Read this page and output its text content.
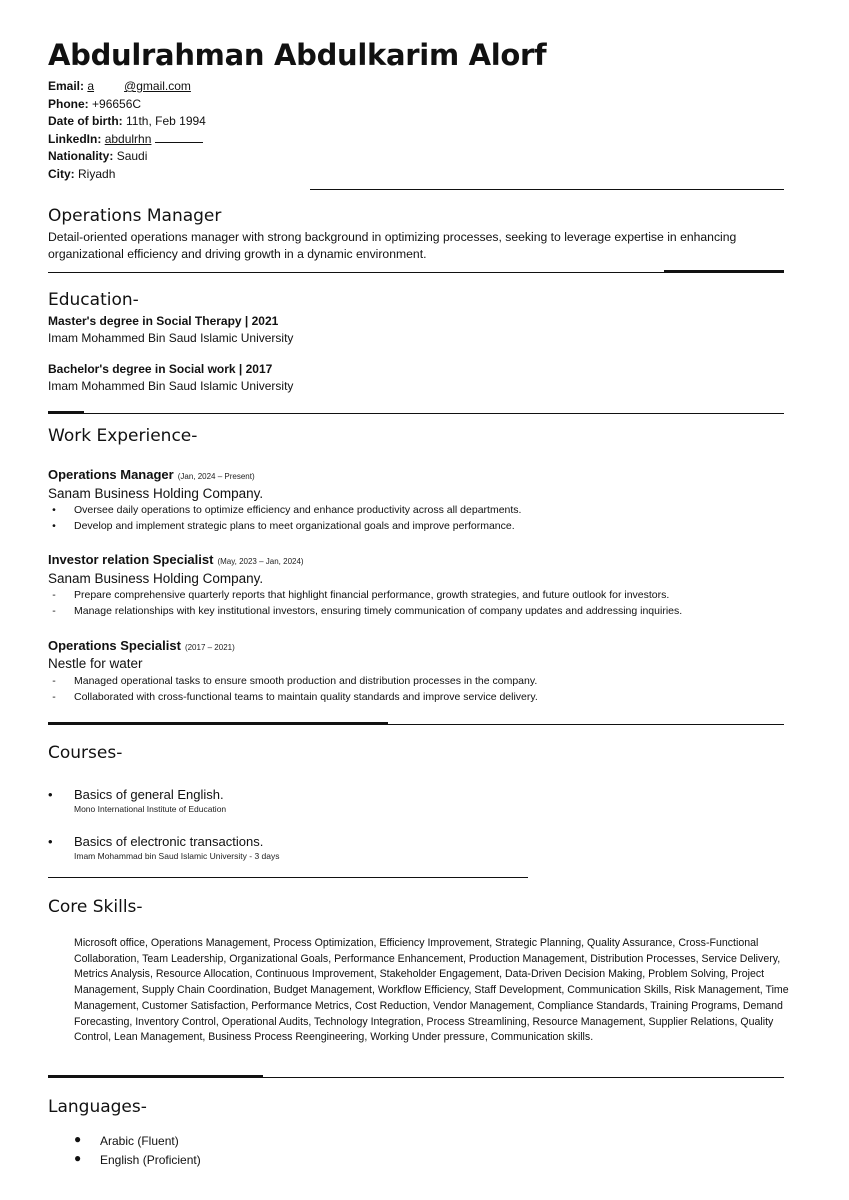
Abdulrahman Abdulkarim Alorf
Email: a	@gmail.com
Phone: +96656C
Date of birth: 11th, Feb 1994
LinkedIn: abdulrhn
Nationality: Saudi
City: Riyadh
Operations Manager
Detail-oriented operations manager with strong background in optimizing processes, seeking to leverage expertise in enhancing organizational efficiency and driving growth in a dynamic environment.
Education-
Master's degree in Social Therapy | 2021
Imam Mohammed Bin Saud Islamic University
Bachelor's degree in Social work | 2017
Imam Mohammed Bin Saud Islamic University
Work Experience-
Operations Manager (Jan, 2024 – Present)
Sanam Business Holding Company.
•	Oversee daily operations to optimize efficiency and enhance productivity across all departments.
•	Develop and implement strategic plans to meet organizational goals and improve performance.
Investor relation Specialist (May, 2023 – Jan, 2024)
Sanam Business Holding Company.
-	Prepare comprehensive quarterly reports that highlight financial performance, growth strategies, and future outlook for investors.
-	Manage relationships with key institutional investors, ensuring timely communication of company updates and addressing inquiries.
Operations Specialist (2017 – 2021)
Nestle for water
-	Managed operational tasks to ensure smooth production and distribution processes in the company.
-	Collaborated with cross-functional teams to maintain quality standards and improve service delivery.
Courses-
• Basics of general English.
Mono International Institute of Education
• Basics of electronic transactions.
Imam Mohammad bin Saud Islamic University - 3 days
Core Skills-
Microsoft office, Operations Management, Process Optimization, Efficiency Improvement, Strategic Planning, Quality Assurance, Cross-Functional Collaboration, Team Leadership, Organizational Goals, Performance Enhancement, Production Management, Distribution Processes, Service Delivery, Metrics Analysis, Resource Allocation, Continuous Improvement, Stakeholder Engagement, Data-Driven Decision Making, Problem Solving, Project Management, Supply Chain Coordination, Budget Management, Workflow Efficiency, Staff Development, Communication Skills, Risk Management, Time Management, Customer Satisfaction, Performance Metrics, Cost Reduction, Vendor Management, Compliance Standards, Training Programs, Demand Forecasting, Inventory Control, Operational Audits, Technology Integration, Process Streamlining, Resource Management, Supplier Relations, Quality Control, Lean Management, Business Process Reengineering, Working Under pressure, Communication skills.
Languages-
● Arabic (Fluent)
● English (Proficient)
